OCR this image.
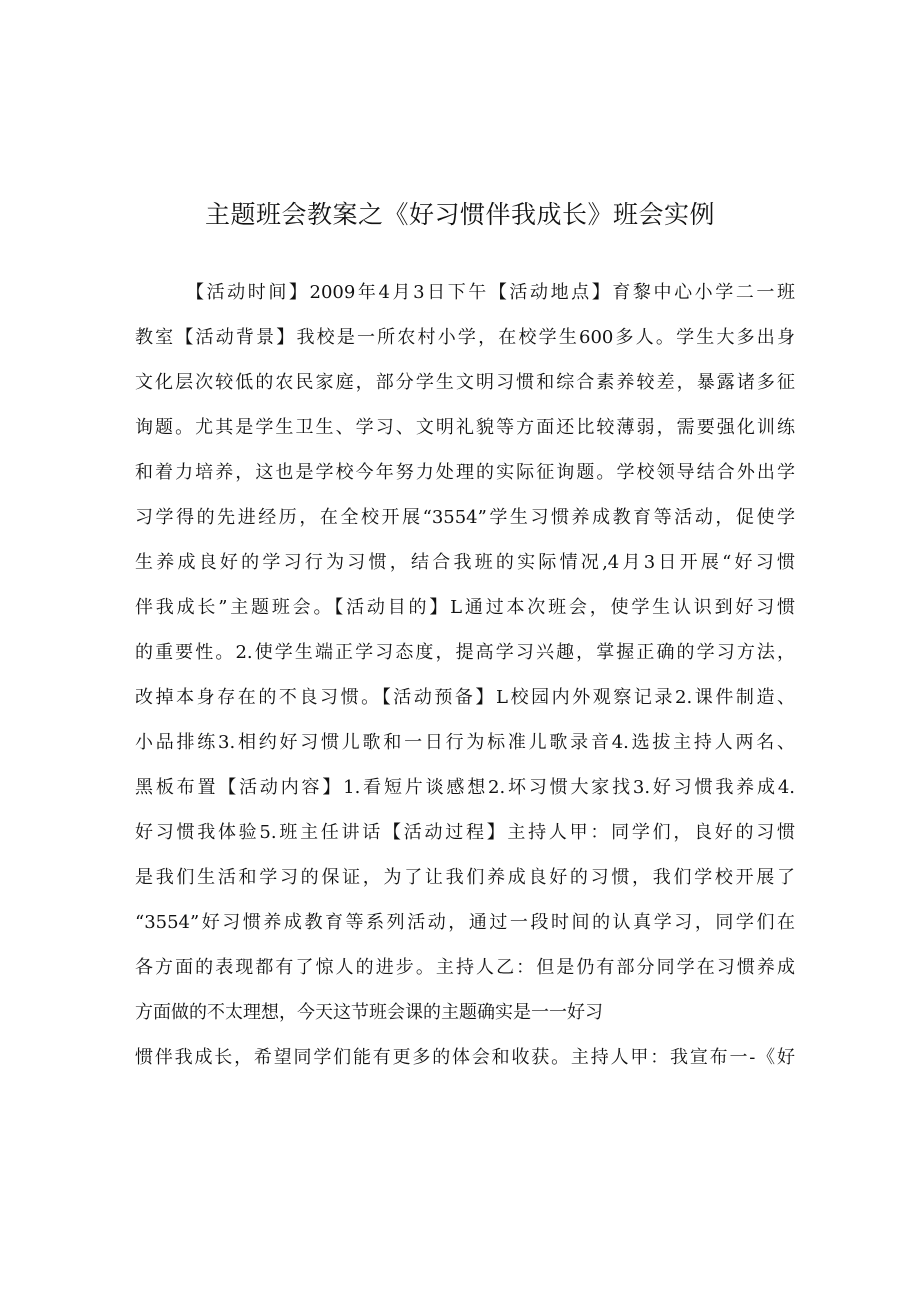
主题班会教案之《好习惯伴我成长》班会实例
【活动时间】2009年4月3日下午【活动地点】育黎中心小学二一班
教室【活动背景】我校是一所农村小学，在校学生600多人。学生大多出身
文化层次较低的农民家庭，部分学生文明习惯和综合素养较差，暴露诸多征
询题。尤其是学生卫生、学习、文明礼貌等方面还比较薄弱，需要强化训练
和着力培养，这也是学校今年努力处理的实际征询题。学校领导结合外出学
习学得的先进经历，在全校开展“3554”学生习惯养成教育等活动，促使学
生养成良好的学习行为习惯，结合我班的实际情况,4月3日开展“好习惯
伴我成长”主题班会。【活动目的】L通过本次班会，使学生认识到好习惯
的重要性。2.使学生端正学习态度，提高学习兴趣，掌握正确的学习方法，
改掉本身存在的不良习惯。【活动预备】L校园内外观察记录2.课件制造、
小品排练3.相约好习惯儿歌和一日行为标准儿歌录音4.选拔主持人两名、
黑板布置【活动内容】1.看短片谈感想2.坏习惯大家找3.好习惯我养成4.
好习惯我体验5.班主任讲话【活动过程】主持人甲：同学们，良好的习惯
是我们生活和学习的保证，为了让我们养成良好的习惯，我们学校开展了
“3554”好习惯养成教育等系列活动，通过一段时间的认真学习，同学们在
各方面的表现都有了惊人的进步。主持人乙：但是仍有部分同学在习惯养成
方面做的不太理想，今天这节班会课的主题确实是一一好习
惯伴我成长，希望同学们能有更多的体会和收获。主持人甲：我宣布一-《好
